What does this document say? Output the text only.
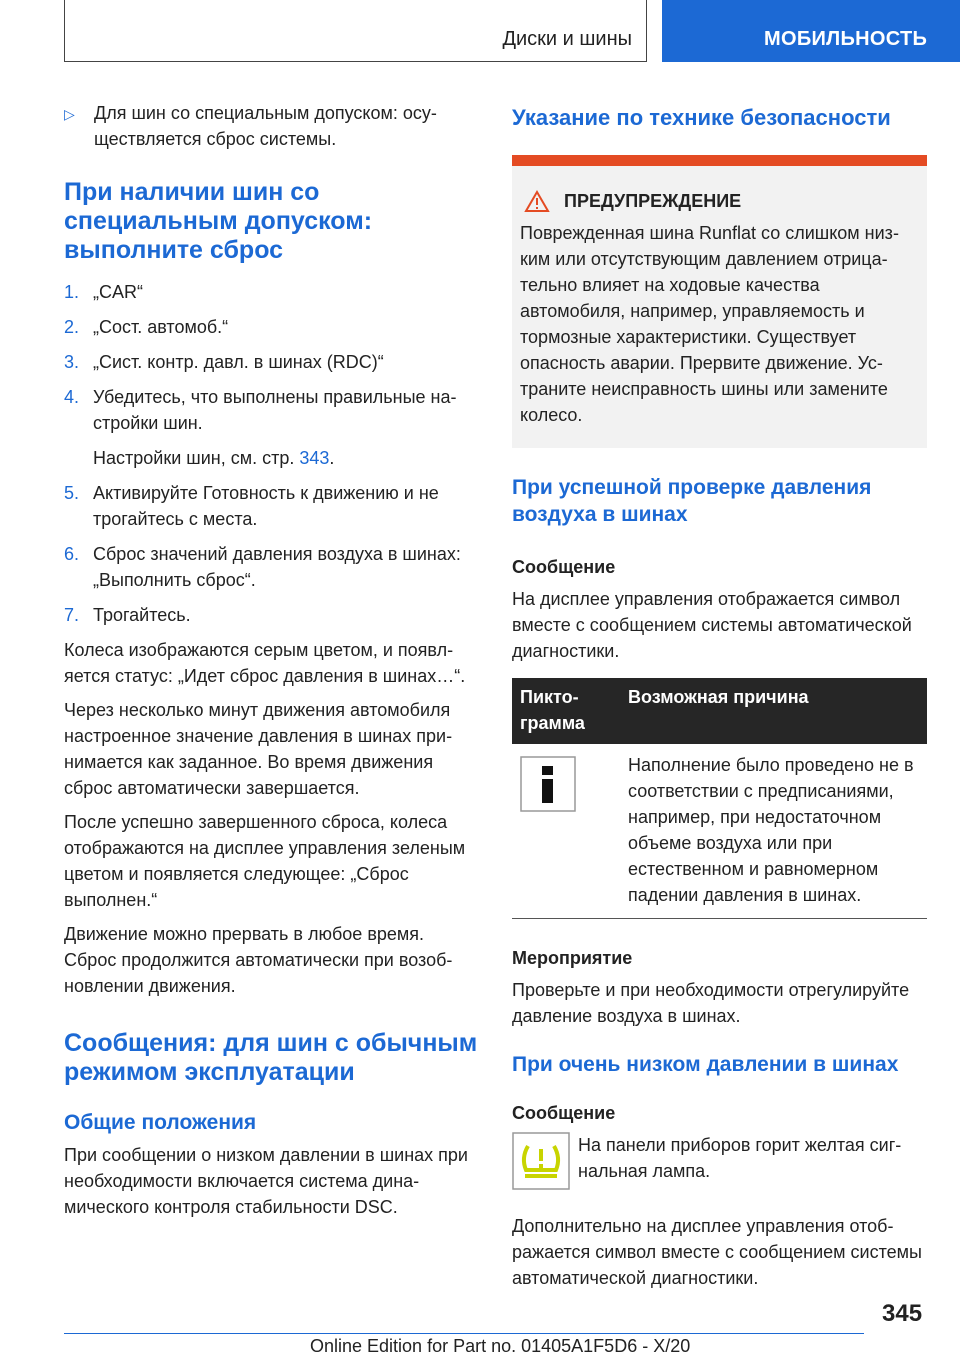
Диски и шины	МОБИЛЬНОСТЬ
▷	Для шин со специальным допуском: осуществляется сброс системы.

При наличии шин со специальным допуском: выполните сброс
1. „CAR“
2. „Сост. автомоб.“
3. „Сист. контр. давл. в шинах (RDC)“
4. Убедитесь, что выполнены правильные настройки шин.
Настройки шин, см. стр. 343.
5. Активируйте Готовность к движению и не трогайтесь с места.
6. Сброс значений давления воздуха в шинах: „Выполнить сброс“.
7. Трогайтесь.

Колеса изображаются серым цветом, и появляется статус: „Идет сброс давления в шинах…“.

Через несколько минут движения автомобиля настроенное значение давления в шинах принимается как заданное. Во время движения сброс автоматически завершается.

После успешно завершенного сброса, колеса отображаются на дисплее управления зеленым цветом и появляется следующее: „Сброс выполнен.“

Движение можно прервать в любое время. Сброс продолжится автоматически при возобновлении движения.

Сообщения: для шин с обычным режимом эксплуатации
Общие положения

При сообщении о низком давлении в шинах при необходимости включается система динамического контроля стабильности DSC.

Указание по технике безопасности
ПРЕДУПРЕЖДЕНИЕ

Поврежденная шина Runflat со слишком низким или отсутствующим давлением отрицательно влияет на ходовые качества автомобиля, например, управляемость и тормозные характеристики. Существует опасность аварии. Прервите движение. Устраните неисправность шины или замените колесо.

При успешной проверке давления воздуха в шинах
Сообщение

На дисплее управления отображается символ вместе с сообщением системы автоматической диагностики.

Пиктограмма	Возможная причина
	Наполнение было проведено не в соответствии с предписаниями, например, при недостаточном объеме воздуха или при естественном и равномерном падении давления в шинах.
Мероприятие

Проверьте и при необходимости отрегулируйте давление воздуха в шинах.

При очень низком давлении в шинах
Сообщение

На панели приборов горит желтая сигнальная лампа.

Дополнительно на дисплее управления отображается символ вместе с сообщением системы автоматической диагностики.

345
Online Edition for Part no. 01405A1F5D6 - X/20
